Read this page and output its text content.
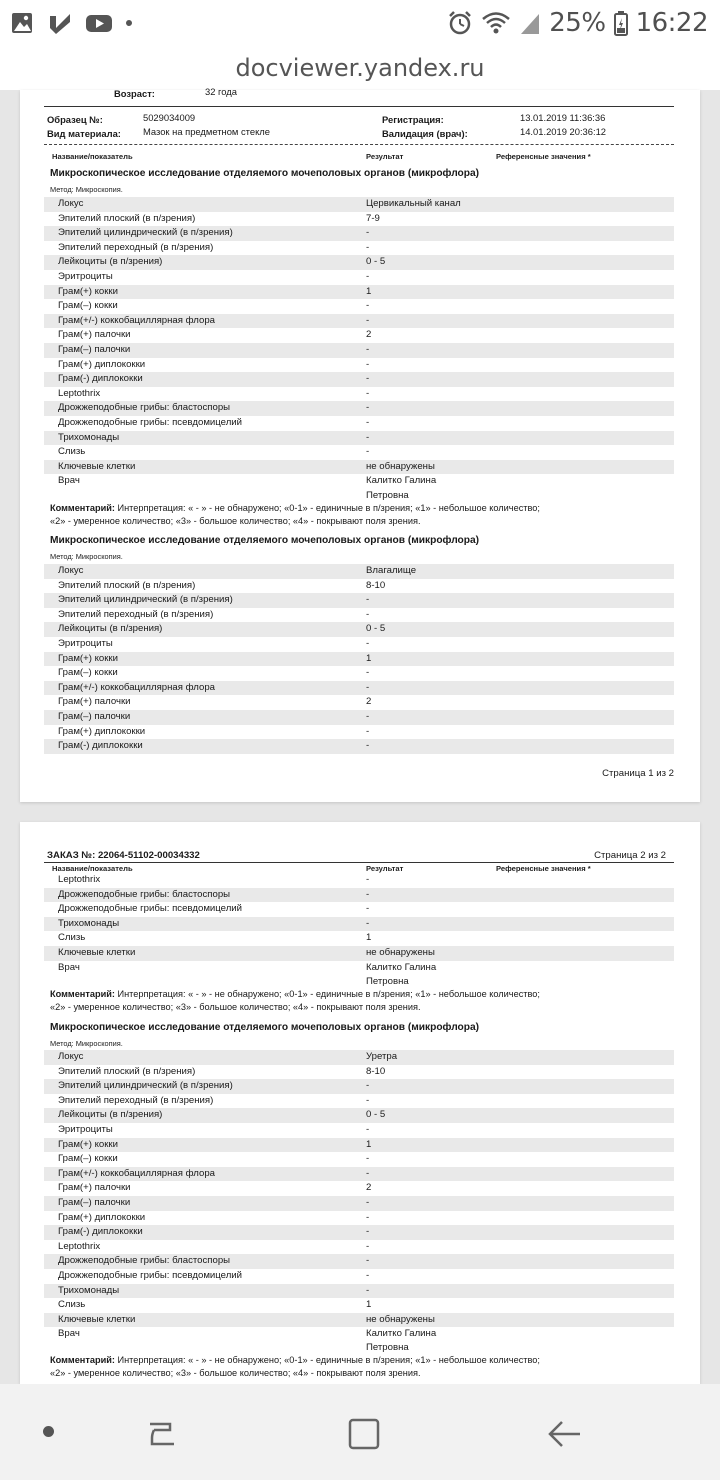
25% 16:22
docviewer.yandex.ru
Возраст:	32 года
Образец №:	5029034009	Регистрация:	13.01.2019 11:36:36
Вид материала: Мазок на предметном стекле	Валидация (врач):	14.01.2019 20:36:12
Название/показатель	Результат	Референсные значения *
Микроскопическое исследование отделяемого мочеполовых органов (микрофлора)
Метод: Микроскопия.
Локус	Цервикальный канал
Эпителий плоский (в п/зрения)	7-9
Эпителий цилиндрический (в п/зрения)	-
Эпителий переходный (в п/зрения)	-
Лейкоциты (в п/зрения)	0 - 5
Эритроциты	-
Грам(+) кокки	1
Грам(–) кокки	-
Грам(+/-) коккобациллярная флора	-
Грам(+) палочки	2
Грам(–) палочки	-
Грам(+) диплококки	-
Грам(-) диплококки	-
Leptothrix	-
Дрожжеподобные грибы: бластоспоры	-
Дрожжеподобные грибы: псевдомицелий	-
Трихомонады	-
Слизь	-
Ключевые клетки	не обнаружены
Врач	Калитко Галина
Петровна
Комментарий: Интерпретация: « - » - не обнаружено; «0-1» - единичные в п/зрения; «1» - небольшое количество;
«2» - умеренное количество; «3» - большое количество; «4» - покрывают поля зрения.
Микроскопическое исследование отделяемого мочеполовых органов (микрофлора)
Метод: Микроскопия.
Локус	Влагалище
Эпителий плоский (в п/зрения)	8-10
Эпителий цилиндрический (в п/зрения)	-
Эпителий переходный (в п/зрения)	-
Лейкоциты (в п/зрения)	0 - 5
Эритроциты	-
Грам(+) кокки	1
Грам(–) кокки	-
Грам(+/-) коккобациллярная флора	-
Грам(+) палочки	2
Грам(–) палочки	-
Грам(+) диплококки	-
Грам(-) диплококки	-
Страница 1 из 2
ЗАКАЗ №: 22064-51102-00034332	Страница 2 из 2
Название/показатель	Результат	Референсные значения *
Leptothrix	-
Дрожжеподобные грибы: бластоспоры	-
Дрожжеподобные грибы: псевдомицелий	-
Трихомонады	-
Слизь	1
Ключевые клетки	не обнаружены
Врач	Калитко Галина
Петровна
Комментарий: Интерпретация: « - » - не обнаружено; «0-1» - единичные в п/зрения; «1» - небольшое количество;
«2» - умеренное количество; «3» - большое количество; «4» - покрывают поля зрения.
Микроскопическое исследование отделяемого мочеполовых органов (микрофлора)
Метод: Микроскопия.
Локус	Уретра
Эпителий плоский (в п/зрения)	8-10
Эпителий цилиндрический (в п/зрения)	-
Эпителий переходный (в п/зрения)	-
Лейкоциты (в п/зрения)	0 - 5
Эритроциты	-
Грам(+) кокки	1
Грам(–) кокки	-
Грам(+/-) коккобациллярная флора	-
Грам(+) палочки	2
Грам(–) палочки	-
Грам(+) диплококки	-
Грам(-) диплококки	-
Leptothrix	-
Дрожжеподобные грибы: бластоспоры	-
Дрожжеподобные грибы: псевдомицелий	-
Трихомонады	-
Слизь	1
Ключевые клетки	не обнаружены
Врач	Калитко Галина
Петровна
Комментарий: Интерпретация: « - » - не обнаружено; «0-1» - единичные в п/зрения; «1» - небольшое количество;
«2» - умеренное количество; «3» - большое количество; «4» - покрывают поля зрения.
